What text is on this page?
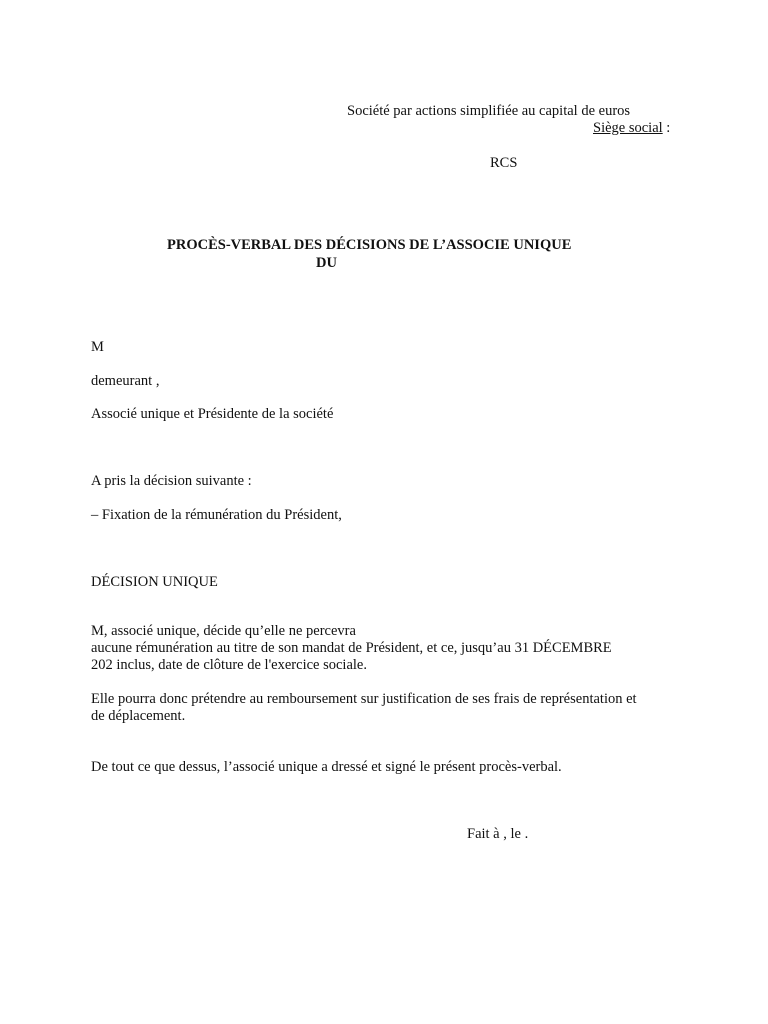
Société par actions simplifiée au capital de euros
Siège social :
RCS
PROCÈS-VERBAL DES DÉCISIONS DE L’ASSOCIE UNIQUE
DU
M
demeurant ,
Associé unique et Présidente de la société
A pris la décision suivante :
– Fixation de la rémunération du Président,
DÉCISION UNIQUE
M, associé unique, décide qu’elle ne percevra
aucune rémunération au titre de son mandat de Président, et ce, jusqu’au 31 DÉCEMBRE
202 inclus, date de clôture de l'exercice sociale.
Elle pourra donc prétendre au remboursement sur justification de ses frais de représentation et
de déplacement.
De tout ce que dessus, l’associé unique a dressé et signé le présent procès-verbal.
Fait à , le .
